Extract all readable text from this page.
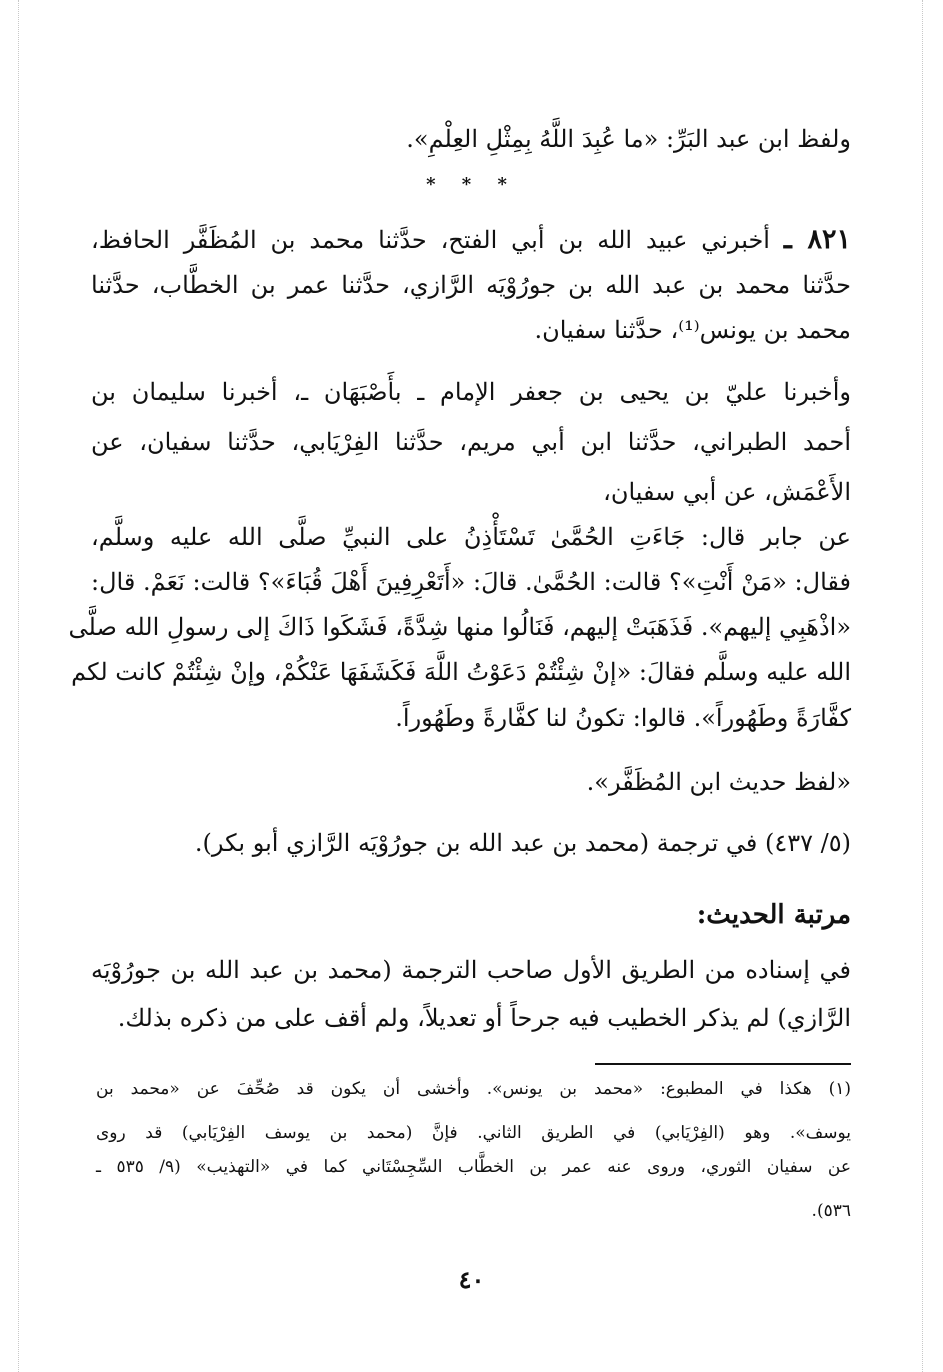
ولفظ ابن عبد البَرِّ: «ما عُبِدَ اللَّهُ بِمِثْلِ العِلْمِ».
* * *
٨٢١ ـ أخبرني عبيد الله بن أبي الفتح، حدَّثنا محمد بن المُظَفَّر الحافظ،
حدَّثنا محمد بن عبد الله بن جورُوْيَه الرَّازي، حدَّثنا عمر بن الخطَّاب، حدَّثنا
محمد بن يونس⁽¹⁾، حدَّثنا سفيان.
وأخبرنا عليّ بن يحيى بن جعفر الإمام ـ بأَصْبَهَان ـ، أخبرنا سليمان بن
أحمد الطبراني، حدَّثنا ابن أبي مريم، حدَّثنا الفِرْيَابي، حدَّثنا سفيان، عن
الأَعْمَش، عن أبي سفيان،
عن جابر قال: جَاءَتِ الحُمَّىٰ تَسْتَأْذِنُ على النبيِّ صلَّى الله عليه وسلَّم،
فقال: «مَنْ أَنْتِ»؟ قالت: الحُمَّىٰ. قالَ: «أَتَعْرِفِينَ أَهْلَ قُبَاءَ»؟ قالت: نَعَمْ. قال:
«اذْهَبِي إليهم». فَذَهَبَتْ إليهم، فَنَالُوا منها شِدَّةً، فَشَكَوا ذَاكَ إلى رسولِ الله صلَّى
الله عليه وسلَّم فقالَ: «إنْ شِئْتُمْ دَعَوْتُ اللَّهَ فَكَشَفَهَا عَنْكُمْ، وإنْ شِئْتُمْ كانت لكم
كفَّارَةً وطَهُوراً». قالوا: تكونُ لنا كفَّارةً وطَهُوراً.
«لفظ حديث ابن المُظَفَّر».
(٥/ ٤٣٧) في ترجمة (محمد بن عبد الله بن جورُوْيَه الرَّازي أبو بكر).
مرتبة الحديث:
في إسناده من الطريق الأول صاحب الترجمة (محمد بن عبد الله بن جورُوْيَه
الرَّازي) لم يذكر الخطيب فيه جرحاً أو تعديلاً، ولم أقف على من ذكره بذلك.
(١) هكذا في المطبوع: «محمد بن يونس». وأخشى أن يكون قد صُحِّفَ عن «محمد بن
يوسف». وهو (الفِرْيَابي) في الطريق الثاني. فإنَّ (محمد بن يوسف الفِرْيَابي) قد روى
عن سفيان الثوري، وروى عنه عمر بن الخطَّاب السِّجِسْتَاني كما في «التهذيب» (٩/ ٥٣٥ ـ
٥٣٦).
٤٠
